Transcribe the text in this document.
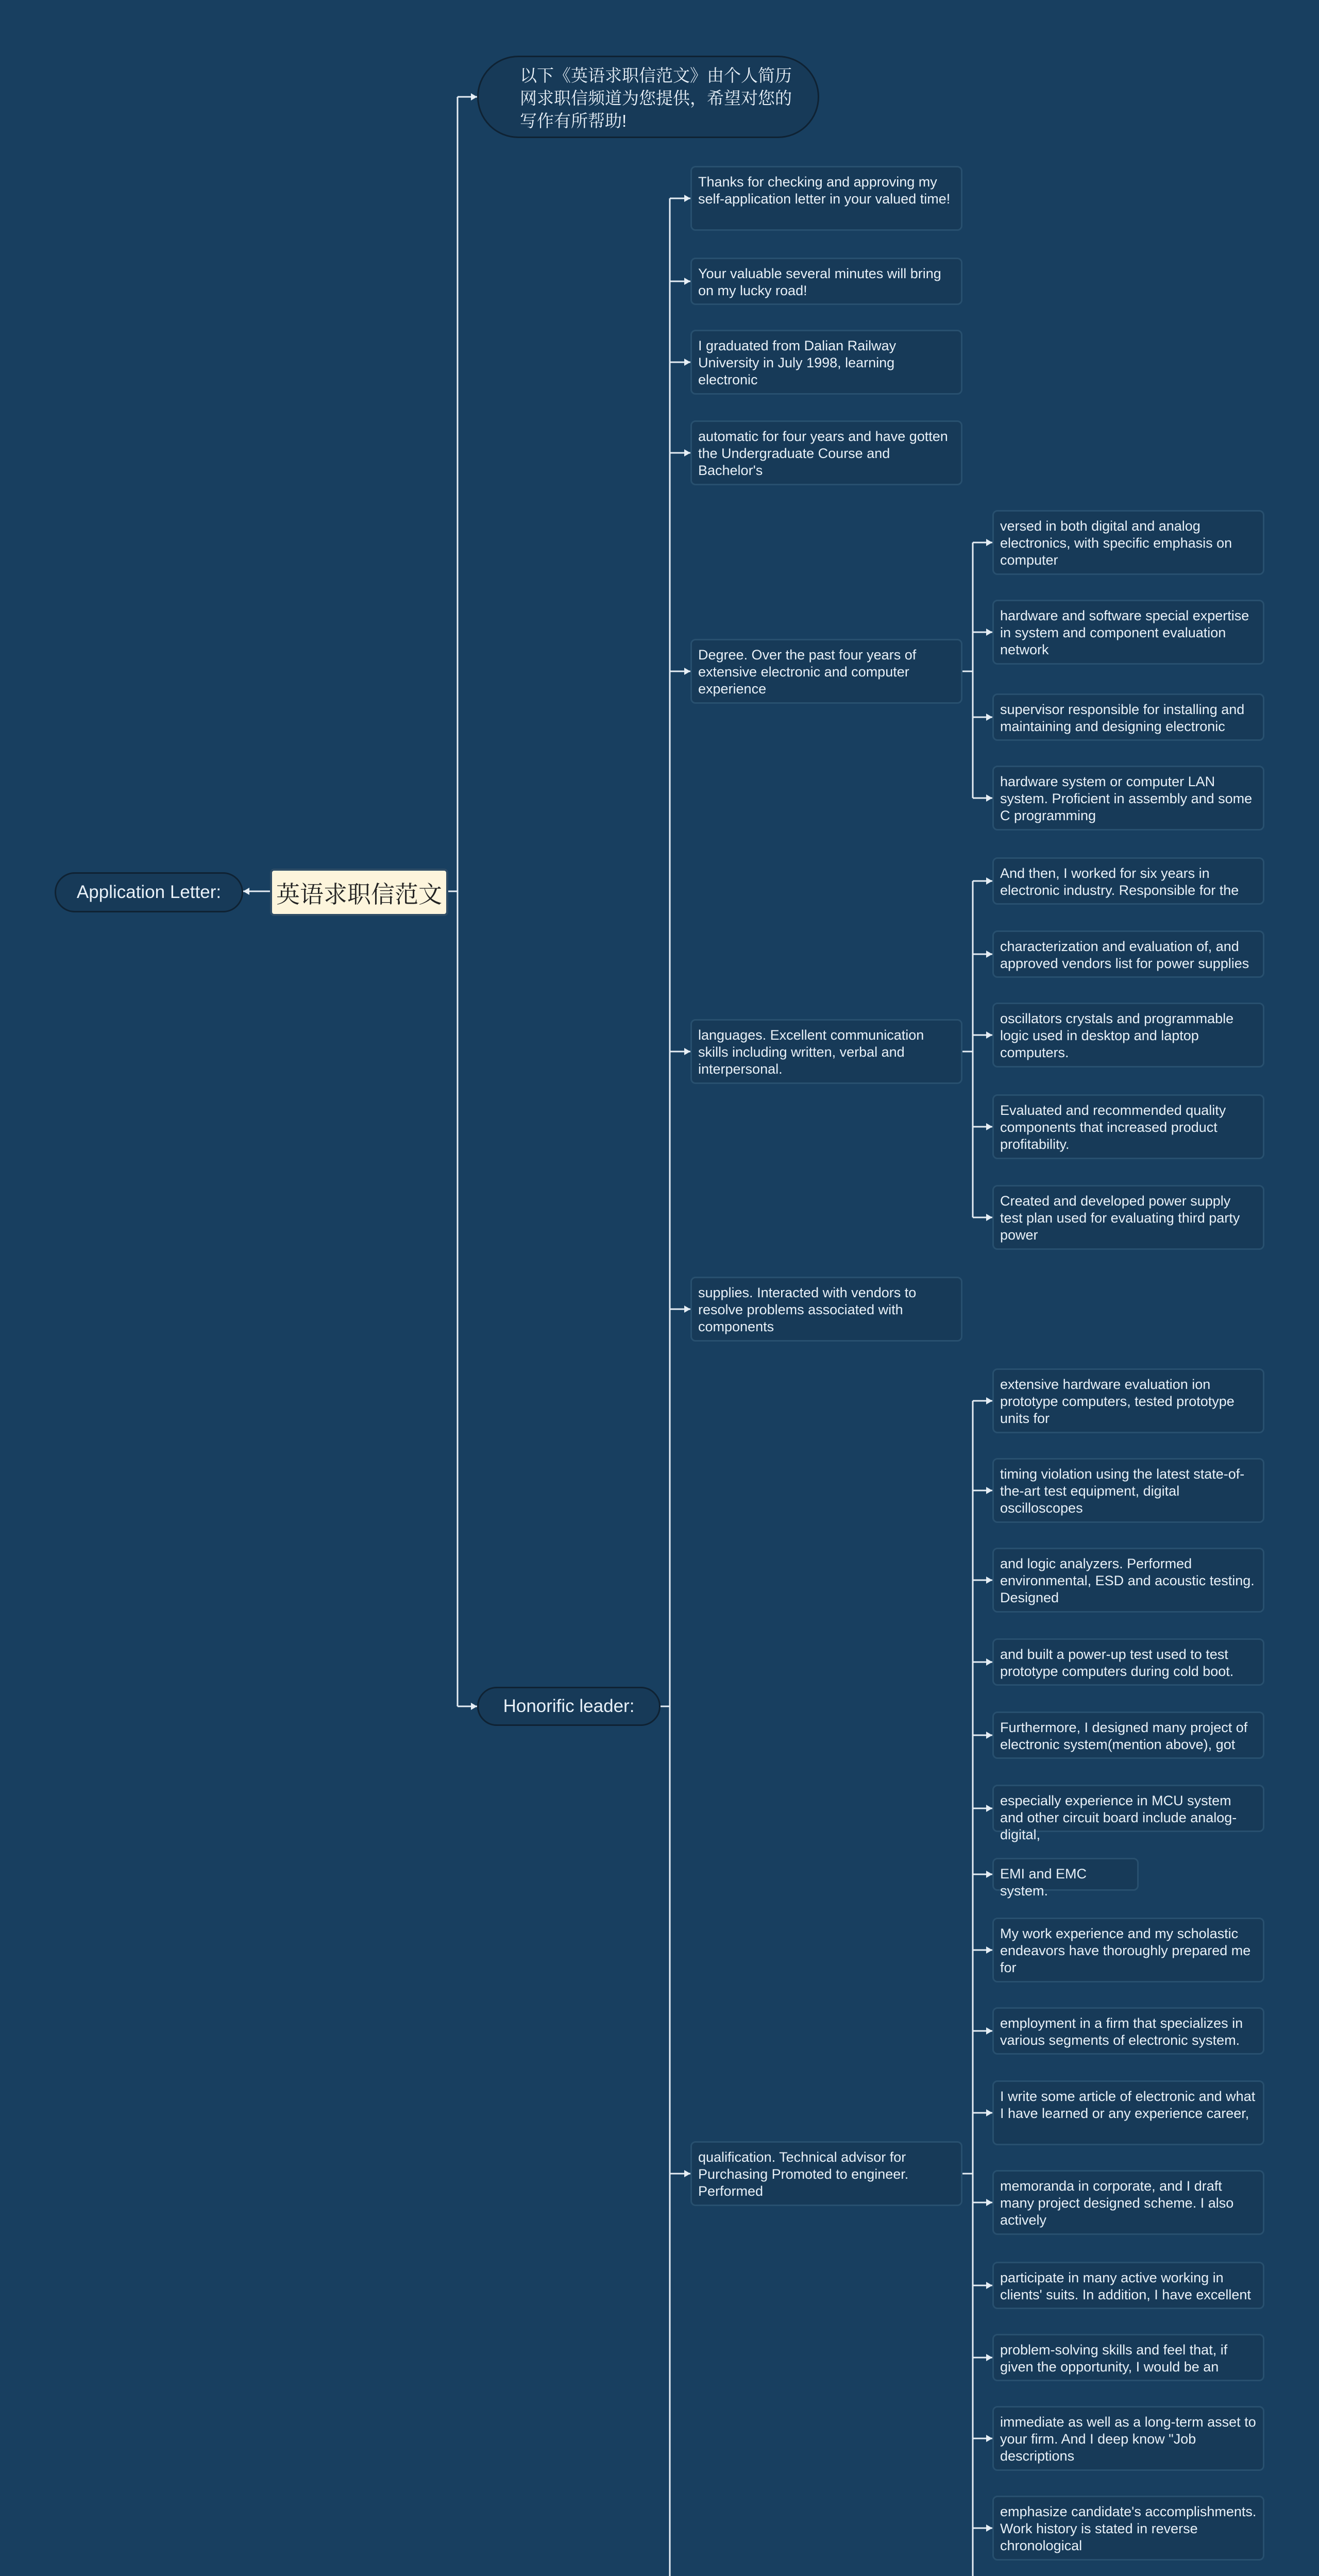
英语求职信范文
Application Letter:
以下《英语求职信范文》由个人简历网求职信频道为您提供，希望对您的写作有所帮助!
Honorific leader:
Thanks for checking and approving my self-application letter in your valued time!
Your valuable several minutes will bring on my lucky road!
I graduated from Dalian Railway University in July 1998, learning electronic
automatic for four years and have gotten the Undergraduate Course and Bachelor's
Degree. Over the past four years of extensive electronic and computer experience
languages. Excellent communication skills including written, verbal and interpersonal.
supplies. Interacted with vendors to resolve problems associated with components
qualification. Technical advisor for Purchasing Promoted to engineer. Performed
versed in both digital and analog electronics, with specific emphasis on computer
hardware and software special expertise in system and component evaluation network
supervisor responsible for installing and maintaining and designing electronic
hardware system or computer LAN system. Proficient in assembly and some C programming
And then, I worked for six years in electronic industry. Responsible for the
characterization and evaluation of, and approved vendors list for power supplies
oscillators crystals and programmable logic used in desktop and laptop computers.
Evaluated and recommended quality components that increased product profitability.
Created and developed power supply test plan used for evaluating third party power
extensive hardware evaluation ion prototype computers, tested prototype units for
timing violation using the latest state-of-the-art test equipment, digital oscilloscopes
and logic analyzers. Performed environmental, ESD and acoustic testing. Designed
and built a power-up test used to test prototype computers during cold boot.
Furthermore, I designed many project of electronic system(mention above), got
especially experience in MCU system and other circuit board include analog-digital,
EMI and EMC system.
My work experience and my scholastic endeavors have thoroughly prepared me for
employment in a firm that specializes in various segments of electronic system.
I write some article of electronic and what I have learned or any experience career,
memoranda in corporate, and I draft many project designed scheme. I also actively
participate in many active working in clients' suits. In addition, I have excellent
problem-solving skills and feel that, if given the opportunity, I would be an
immediate as well as a long-term asset to your firm. And I deep know "Job descriptions
emphasize candidate's accomplishments. Work history is stated in reverse chronological
